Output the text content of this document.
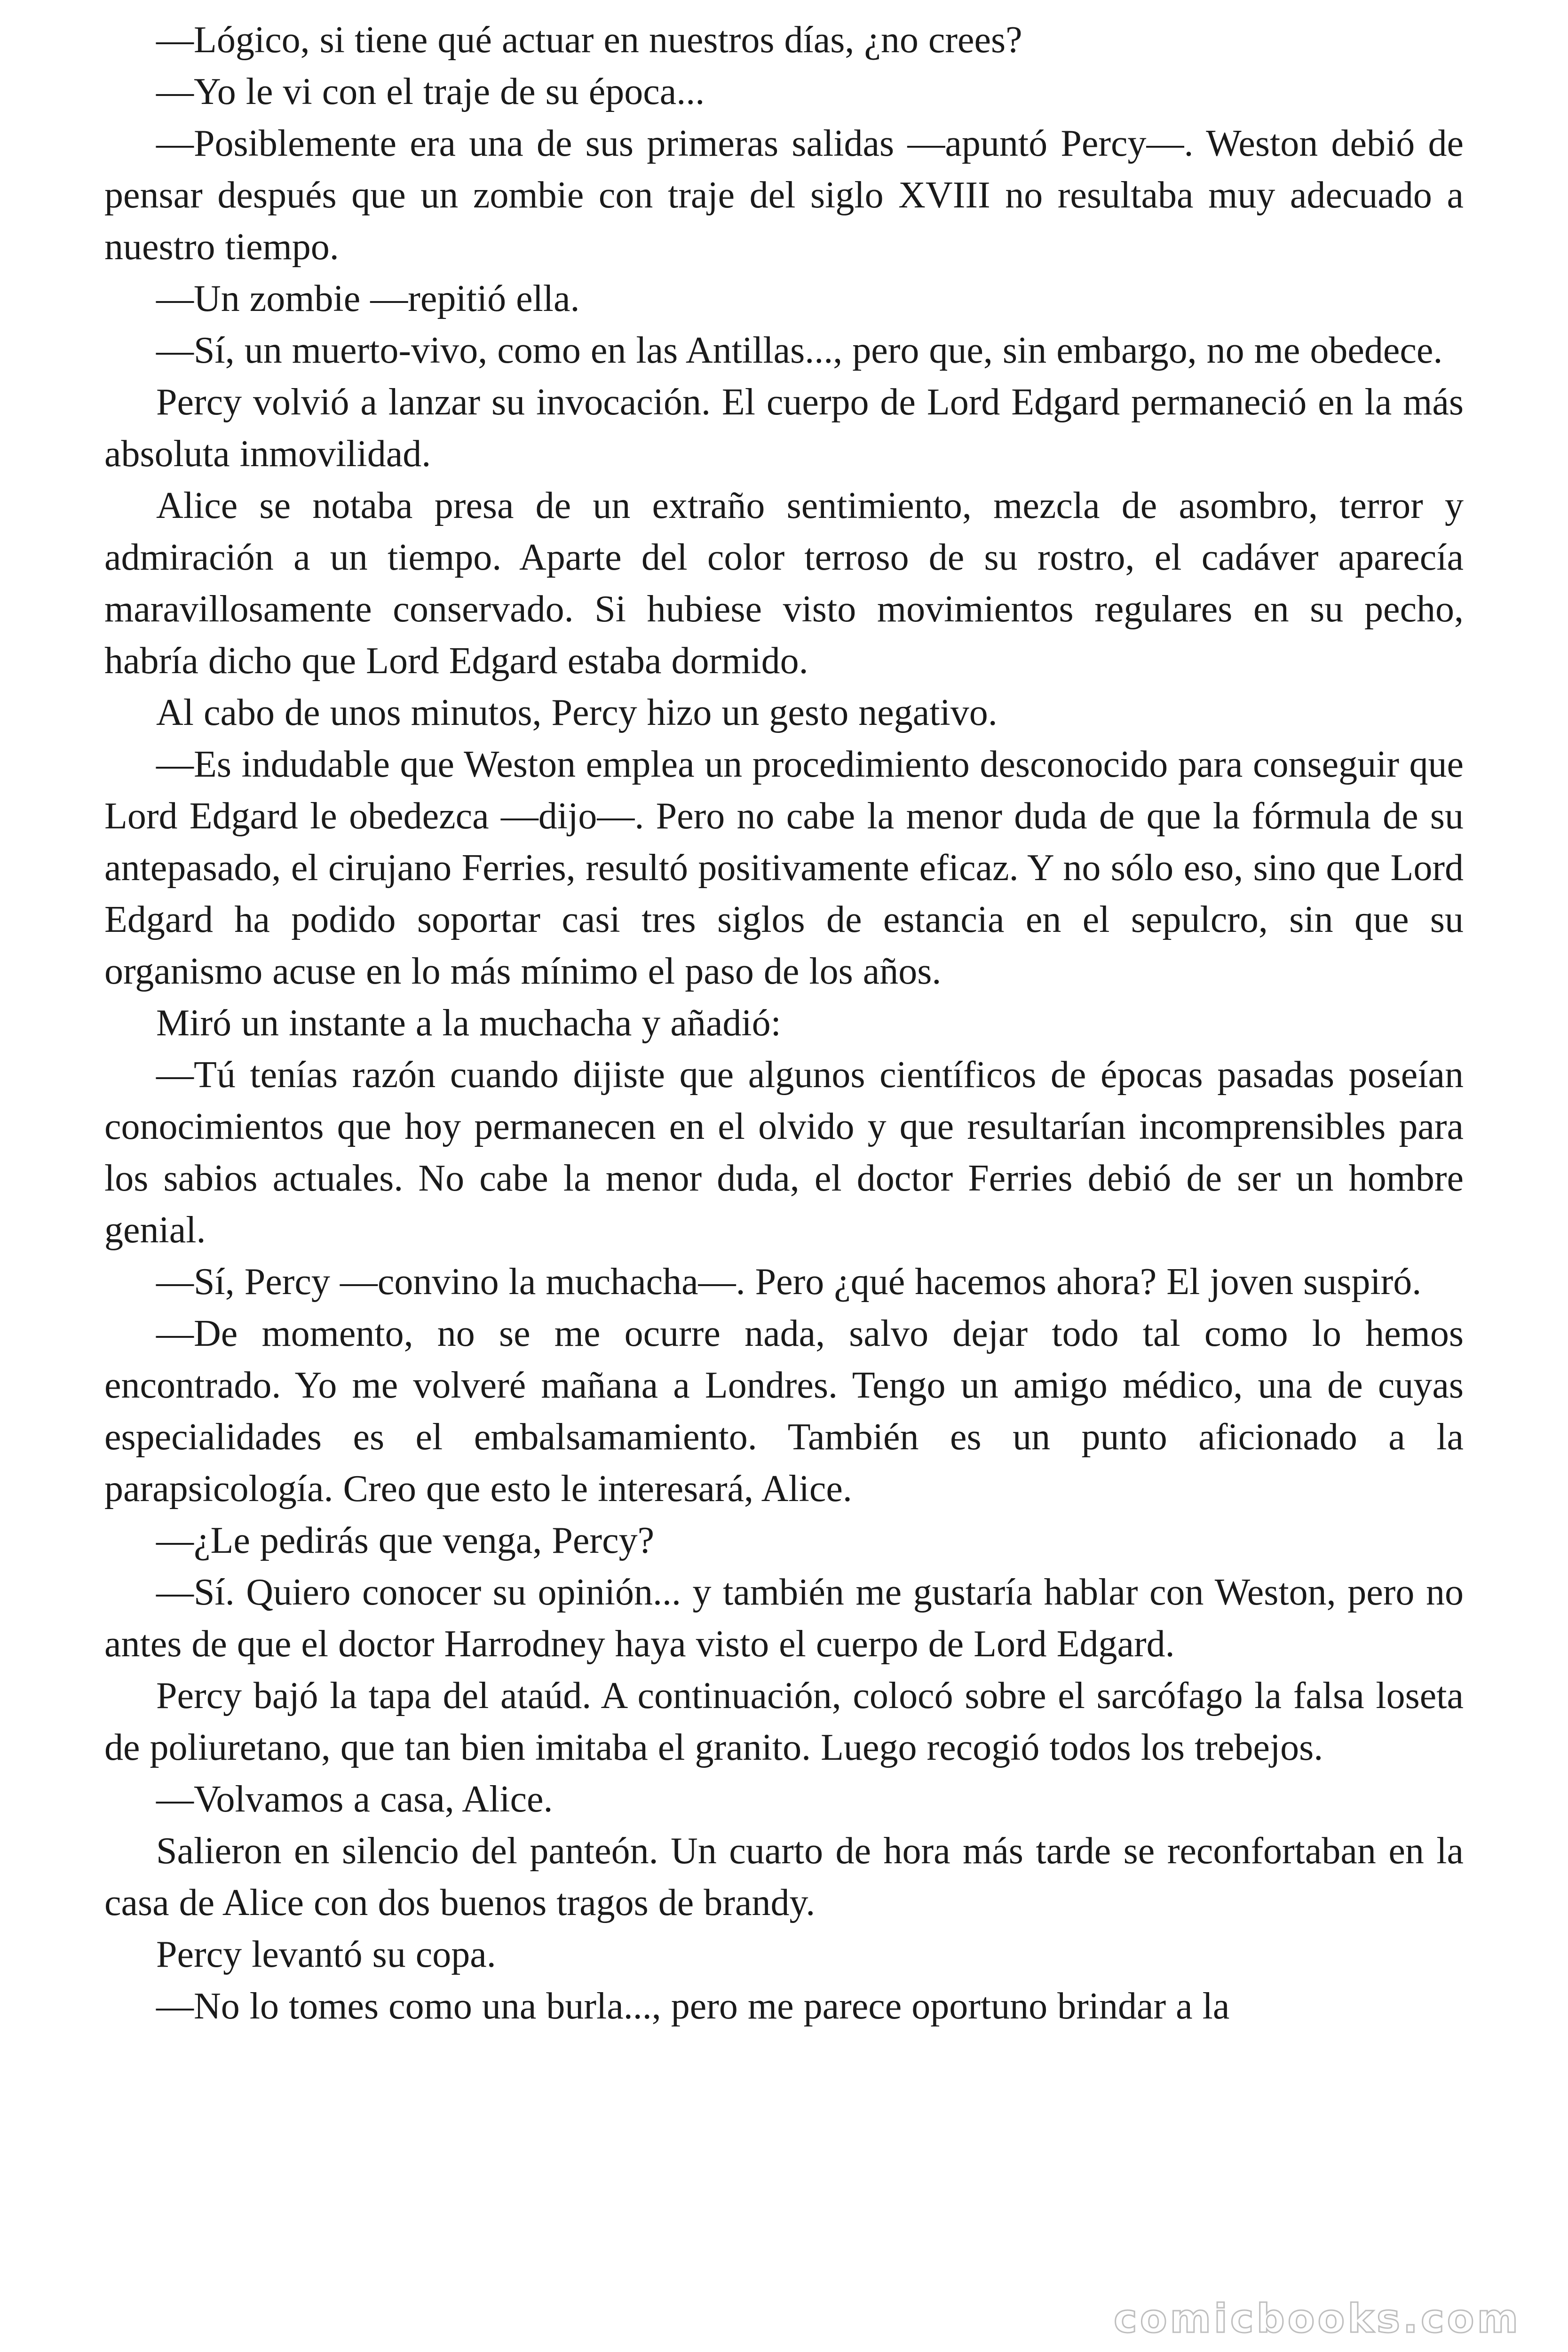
—Lógico, si tiene qué actuar en nuestros días, ¿no crees?

—Yo le vi con el traje de su época...

—Posiblemente era una de sus primeras salidas —apuntó Percy—. Weston debió de pensar después que un zombie con traje del siglo XVIII no resultaba muy adecuado a nuestro tiempo.

—Un zombie —repitió ella.

—Sí, un muerto-vivo, como en las Antillas..., pero que, sin embargo, no me obedece.

Percy volvió a lanzar su invocación. El cuerpo de Lord Edgard permaneció en la más absoluta inmovilidad.

Alice se notaba presa de un extraño sentimiento, mezcla de asombro, terror y admiración a un tiempo. Aparte del color terroso de su rostro, el cadáver aparecía maravillosamente conservado. Si hubiese visto movimientos regulares en su pecho, habría dicho que Lord Edgard estaba dormido.

Al cabo de unos minutos, Percy hizo un gesto negativo.

—Es indudable que Weston emplea un procedimiento desconocido para conseguir que Lord Edgard le obedezca —dijo—. Pero no cabe la menor duda de que la fórmula de su antepasado, el cirujano Ferries, resultó positivamente eficaz. Y no sólo eso, sino que Lord Edgard ha podido soportar casi tres siglos de estancia en el sepulcro, sin que su organismo acuse en lo más mínimo el paso de los años.

Miró un instante a la muchacha y añadió:

—Tú tenías razón cuando dijiste que algunos científicos de épocas pasadas poseían conocimientos que hoy permanecen en el olvido y que resultarían incomprensibles para los sabios actuales. No cabe la menor duda, el doctor Ferries debió de ser un hombre genial.

—Sí, Percy —convino la muchacha—. Pero ¿qué hacemos ahora? El joven suspiró.

—De momento, no se me ocurre nada, salvo dejar todo tal como lo hemos encontrado. Yo me volveré mañana a Londres. Tengo un amigo médico, una de cuyas especialidades es el embalsamamiento. También es un punto aficionado a la parapsicología. Creo que esto le interesará, Alice.

—¿Le pedirás que venga, Percy?

—Sí. Quiero conocer su opinión... y también me gustaría hablar con Weston, pero no antes de que el doctor Harrodney haya visto el cuerpo de Lord Edgard.

Percy bajó la tapa del ataúd. A continuación, colocó sobre el sarcófago la falsa loseta de poliuretano, que tan bien imitaba el granito. Luego recogió todos los trebejos.

—Volvamos a casa, Alice.

Salieron en silencio del panteón. Un cuarto de hora más tarde se reconfortaban en la casa de Alice con dos buenos tragos de brandy.

Percy levantó su copa.

—No lo tomes como una burla..., pero me parece oportuno brindar a la

comicbooks.com
